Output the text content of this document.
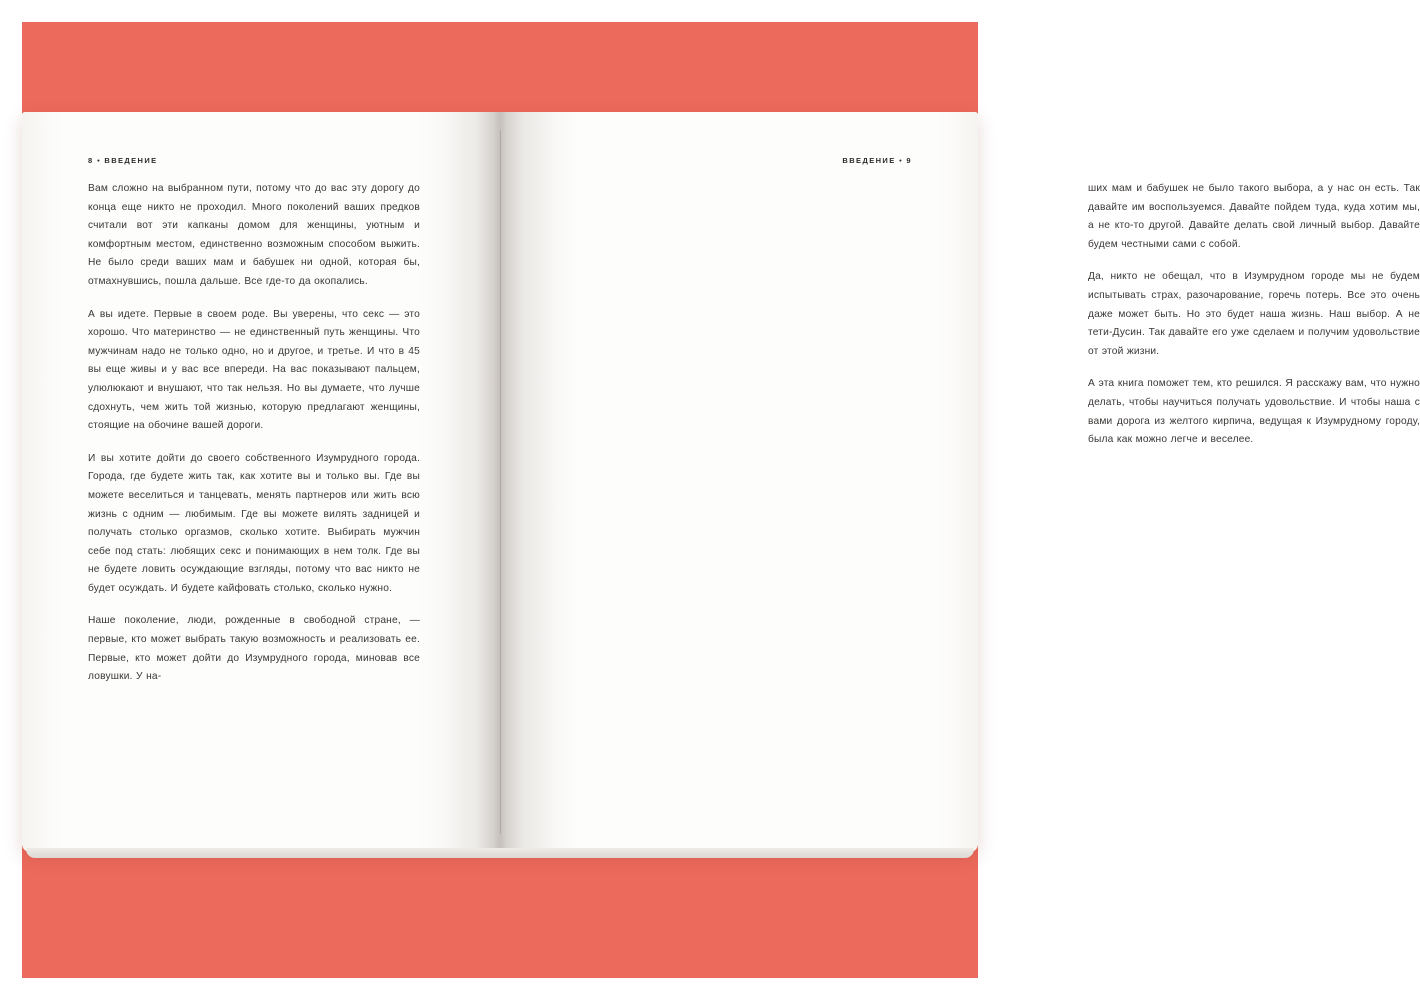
8 • ВВЕДЕНИЕ

Вам сложно на выбранном пути, потому что до вас эту дорогу до конца еще никто не проходил. Много поколений ваших предков считали вот эти капканы домом для женщины, уютным и комфортным местом, единственно возможным способом выжить. Не было среди ваших мам и бабушек ни одной, которая бы, отмахнувшись, пошла дальше. Все где-то да окопались.

А вы идете. Первые в своем роде. Вы уверены, что секс — это хорошо. Что материнство — не единственный путь женщины. Что мужчинам надо не только одно, но и другое, и третье. И что в 45 вы еще живы и у вас все впереди. На вас показывают пальцем, улюлюкают и внушают, что так нельзя. Но вы думаете, что лучше сдохнуть, чем жить той жизнью, которую предлагают женщины, стоящие на обочине вашей дороги.

И вы хотите дойти до своего собственного Изумрудного города. Города, где будете жить так, как хотите вы и только вы. Где вы можете веселиться и танцевать, менять партнеров или жить всю жизнь с одним — любимым. Где вы можете вилять задницей и получать столько оргазмов, сколько хотите. Выбирать мужчин себе под стать: любящих секс и понимающих в нем толк. Где вы не будете ловить осуждающие взгляды, потому что вас никто не будет осуждать. И будете кайфовать столько, сколько нужно.

Наше поколение, люди, рожденные в свободной стране, — первые, кто может выбрать такую возможность и реализовать ее. Первые, кто может дойти до Изумрудного города, миновав все ловушки. У на-

ВВЕДЕНИЕ • 9

ших мам и бабушек не было такого выбора, а у нас он есть. Так давайте им воспользуемся. Давайте пойдем туда, куда хотим мы, а не кто-то другой. Давайте делать свой личный выбор. Давайте будем честными сами с собой.

Да, никто не обещал, что в Изумрудном городе мы не будем испытывать страх, разочарование, горечь потерь. Все это очень даже может быть. Но это будет наша жизнь. Наш выбор. А не тети-Дусин. Так давайте его уже сделаем и получим удовольствие от этой жизни.

А эта книга поможет тем, кто решился. Я расскажу вам, что нужно делать, чтобы научиться получать удовольствие. И чтобы наша с вами дорога из желтого кирпича, ведущая к Изумрудному городу, была как можно легче и веселее.
